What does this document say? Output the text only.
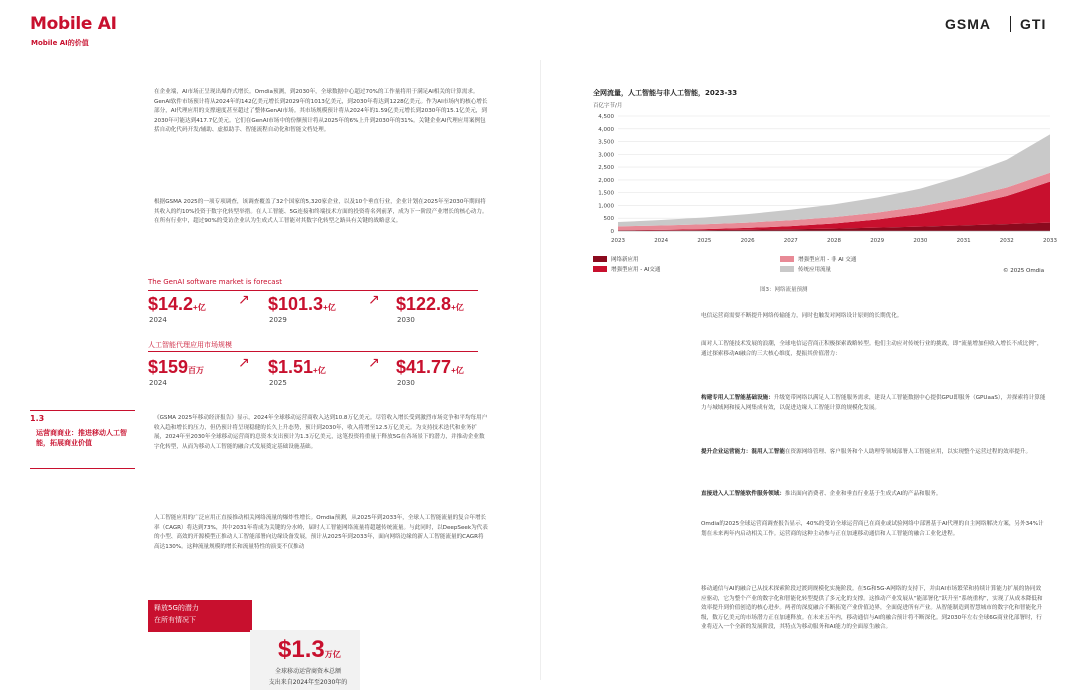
Mobile AI
Mobile AI的价值
GSMA GTI
在企业端，AI市场正呈现出爆炸式增长。Omdia预测，到2030年，全球数据中心超过70%的工作量将用于满足AI相关的计算需求。GenAI软件市场预计将从2024年的142亿美元增长到2029年的1013亿美元，到2030年将达到1228亿美元。作为AI市场内的核心增长部分，AI代理应用的支撑速度甚至超过了整体GenAI市场。其市场规模预计将从2024年的1.59亿美元增长到2030年的15.1亿美元，到2030年可能达到417.7亿美元。它们在GenAI市场中的份额预计将从2025年的6%上升到2030年的31%。关键企业AI代理应用案例包括自动化代码开发/辅助、虚拟助手、智能流程自动化和智能文档处理。
根据GSMA 2025的一项专项调查，该调查覆盖了32个国家的5,320家企业，以及10个垂直行业，企业计划在2025年至2030年期间将其收入的约10%投资于数字化转型举措。在人工智能、5G连接和终端技术方面的投资将名列前茅，成为下一阶段产业增长的核心动力。在所有行业中，超过90%的受访企业认为生成式人工智能对其数字化转型之路具有关键的战略意义。
The GenAI software market is forecast
$14.2+亿
2024
↗ $101.3+亿
2029
↗ $122.8+亿
2030
人工智能代理应用市场规模
$159百万
2024
↗ $1.51+亿
2025
↗ $41.77+亿
2030
1.3
运营商商业：推进移动人工智能，拓展商业价值
《GSMA 2025年移动经济报告》显示，2024年全球移动运营商收入达到10.8万亿美元。尽管收入增长受到激烈市场竞争和平均每用户收入趋和增长的压力，但仍预计将呈现稳健的长久上升态势，预计到2030年，收入将增至12.5万亿美元。为支持技术迭代和业务扩展，2024年至2030年全球移动运营商的总资本支出预计为1.3万亿美元，这笔投资将重量于释放5G在各场景下的潜力，并推动企业数字化转型，从而为移动人工智能的融合式发展奠定基础设施基础。
人工智能应用的广泛应用正直接推动相关网络流量的爆炸性增长。Omdia预测，从2025年到2033年，全球人工智能流量的复合年增长率（CAGR）将达到73%，其中2031年将成为关键的分水岭，届时人工智能网络流量将超越传统流量。与此同时，以DeepSeek为代表的小型、高效的开源模型正推动人工智能部署向边缘设备发展，预计从2025年到2033年，面向网络边缘的新人工智能流量的CAGR将高达130%。这种流量规模的增长和流量特性的演变不仅推动
释放5G的潜力
在所有情况下
$1.3万亿
全球移动运营商资本总额
支出来自2024年至2030年的
全网流量，人工智能与非人工智能，2023-33
百亿字节/月
0
500
1,000
1,500
2,000
2,500
3,000
3,500
4,000
4,500
2023	2024	2025	2026	2027	2028	2029	2030	2031	2032	2033
网络新应用
增强型应用 - AI交通
增强型应用 - 非 AI 交通
传统应用流量	© 2025 Omdia
图3：网络流量预测
电信运营商需要不断提升网络传输能力，同时也触发对网络设计原则的长期优化。
面对人工智能技术发展的浪潮，全球电信运营商正积极探索战略转型。他们主动应对传统行业的挑战，即“流量增加但收入增长不成比例”，通过探索移动AI融合的三大核心维度，提振其价值潜力：
构建专用人工智能基础设施：升级宽带网络以满足人工智能服务需求，建设人工智能数据中心提供GPU即服务（GPUaaS），并探索将计算能力与城域网和接入网集成有效，以促进边缘人工智能计算的规模化发展。
提升企业运营能力：混用人工智能在资源网络管理、客户服务和个人助理等领域部署人工智能应用，以实现整个运营过程的效率提升。
直接进入人工智能软件服务领域：推出面向消费者、企业和垂直行业基于生成式AI的产品和服务。
Omdia的2025全球运营商调查报告显示，40%的受访全球运营商已在商业或试验网络中部署基于AI代理的自主网络解决方案，另外34%计划在未来两年内启动相关工作。运营商的这种主动参与正在加速移动通信和人工智能的融合工业化进程。
移动通信与AI的融合已从技术探索阶段过渡到规模化实施阶段。在5G和5G-A网络的支持下，并由AI市场繁荣和持续计算能力扩展的协同效应驱动，它为整个产业的数字化和智能化转型提供了多元化的支撑。这推动产业发展从“能部署化”跃升至“系统重构”，实现了从成本降低和效率提升到价值创造的核心进步。两者的深度融合不断拓宽产业价值边界，全面促进所有产业。从智能制造到智慧城市的数字化和智能化升级，数万亿美元的市场潜力正在加速释放。在未来五年内，移动通信与AI的融合预计将不断深化。到2030年左右全球6G商业化部署时，行业将迈入一个全新的发展阶段，其特点为移动服务和AI能力的全面原生融合。
